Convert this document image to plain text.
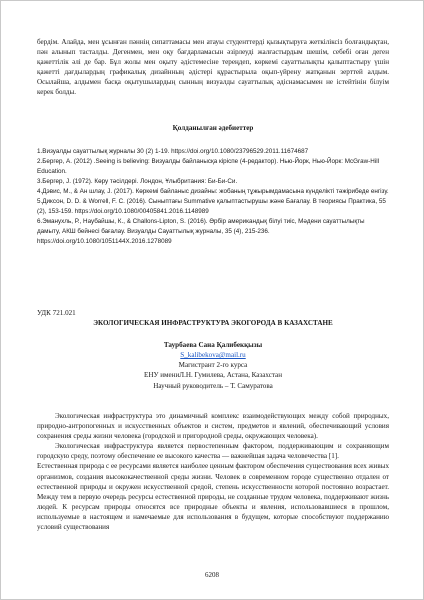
бердім. Алайда, мен ұсынған пәннің сипаттамасы мен атауы студенттерді қызықтыруға жеткіліксіз болғандықтан, пән алынып тасталды. Дегенмен, мен оқу бағдарламасын әзірлеуді жалғастырдым шешім, себебі оған деген қажеттілік әлі де бар. Бұл жолы мен оқыту әдістемесіне тереңдеп, көркемі сауаттылықты қалыптастыру үшін қажетті дағдылардың графикалық дизайнның әдістері құрастырыла оқып-үйрену жатқанын зерттей алдым. Осылайша, алдымен басқа оқытушылардың сынның визуалды сауаттылық әдіснамасымен не істейтінін білуім керек болды.

Қолданылған әдебиеттер

1.Визуалды сауаттылық журналы 30 (2) 1-19. https://doi.org/10.1080/23796529.2011.11674687

2.Бергер, А. (2012) .Seeing is believing: Визуалды байланысқа кіріспе (4-редактор). Нью-Йорк, Нью-Йорк: McGraw-Hill Education.

3.Бергер, J. (1972). Көру тәсілдері. Лондон, Ұлыбритания: Би-Би-Си.

4.Дэвис, М., & Ан шлау, J. (2017). Көркемі байланыс дизайны: жобаның тұжырымдамасына күнделікті тәжірибеде енгізу.

5.Диксон, D. D. & Worrell, F. C. (2016). Сыныптағы Summative қалыптастырушы және Бағалау. В теориясы Практика, 55 (2), 153-159. https://doi.org/10.1080/00405841.2016.1148989

6.Эманухль, Р., Наубайшы, К., & Challons-Lipton, S. (2016). Әрбір американдық білуі тиіс, Мәдени сауаттылықты дамыту, АКШ бейнесі бағалау. Визуалды Сауаттылық журналы, 35 (4), 215-236. https://doi.org/10.1080/1051144X.2016.1278089

УДК 721.021

ЭКОЛОГИЧЕСКАЯ ИНФРАСТРУКТУРА ЭКОГОРОДА В КАЗАХСТАНЕ

Таурбаева Сана Қалибекқызы

S_kalibekova@mail.ru

Магистрант 2-го курса

ЕНУ имениЛ.Н. Гумилева, Астана, Казахстан

Научный руководитель – Т. Самуратова

Экологическая инфраструктура это динамичный комплекс взаимодействующих между собой природных, природно-антропогенных и искусственных объектов и систем, предметов и явлений, обеспечивающий условия сохранения среды жизни человека (городской и пригородной среды, окружающих человека).

Экологическая инфраструктура является первостепенным фактором, поддерживающим и сохраняющим городскую среду, поэтому обеспечение ее высокого качества — важнейшая задача человечества [1].

Естественная природа с ее ресурсами является наиболее ценным фактором обеспечения существования всех живых организмов, создания высококачественной среды жизни. Человек в современном городе существенно отдален от естественной природы и окружен искусственной средой, степень искусственности которой постоянно возрастает. Между тем в первую очередь ресурсы естественной природы, не созданные трудом человека, поддерживают жизнь людей. К ресурсам природы относятся все природные объекты и явления, использовавшиеся в прошлом, используемые в настоящем и намечаемые для использования в будущем, которые способствуют поддержанию условий существования

6208
